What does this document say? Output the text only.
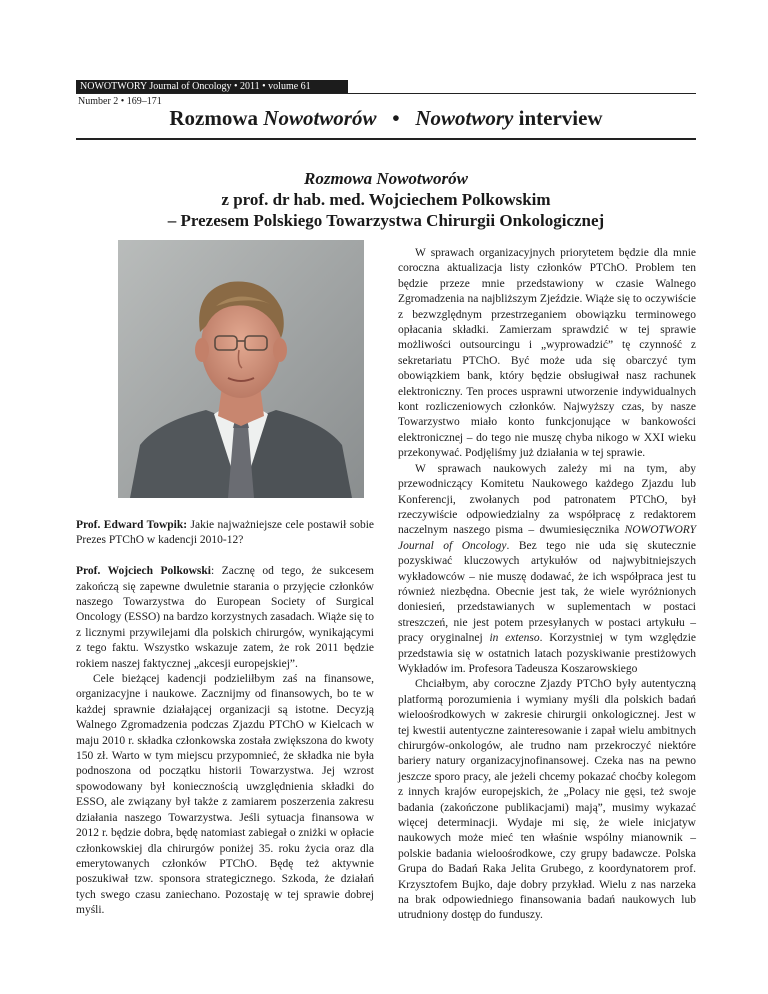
NOWOTWORY Journal of Oncology • 2011 • volume 61
Number 2 • 169–171
Rozmowa Nowotworów • Nowotwory interview
Rozmowa Nowotworów
z prof. dr hab. med. Wojciechem Polkowskim
– Prezesem Polskiego Towarzystwa Chirurgii Onkologicznej

Prof. Edward Towpik: Jakie najważniejsze cele postawił sobie Prezes PTChO w kadencji 2010-12?

Prof. Wojciech Polkowski: Zacznę od tego, że sukcesem zakończą się zapewne dwuletnie starania o przyjęcie członków naszego Towarzystwa do European Society of Surgical Oncology (ESSO) na bardzo korzystnych zasadach. Wiąże się to z licznymi przywilejami dla polskich chirurgów, wynikającymi z tego faktu. Wszystko wskazuje zatem, że rok 2011 będzie rokiem naszej faktycznej „akcesji europejskiej”.

Cele bieżącej kadencji podzieliłbym zaś na finansowe, organizacyjne i naukowe. Zacznijmy od finansowych, bo te w każdej sprawnie działającej organizacji są istotne. Decyzją Walnego Zgromadzenia podczas Zjazdu PTChO w Kielcach w maju 2010 r. składka członkowska została zwiększona do kwoty 150 zł. Warto w tym miejscu przypomnieć, że składka nie była podnoszona od początku historii Towarzystwa. Jej wzrost spowodowany był koniecznością uwzględnienia składki do ESSO, ale związany był także z zamiarem poszerzenia zakresu działania naszego Towarzystwa. Jeśli sytuacja finansowa w 2012 r. będzie dobra, będę natomiast zabiegał o zniżki w opłacie członkowskiej dla chirurgów poniżej 35. roku życia oraz dla emerytowanych członków PTChO. Będę też aktywnie poszukiwał tzw. sponsora strategicznego. Szkoda, że działań tych swego czasu zaniechano. Pozostaję w tej sprawie dobrej myśli.

W sprawach organizacyjnych priorytetem będzie dla mnie coroczna aktualizacja listy członków PTChO. Problem ten będzie przeze mnie przedstawiony w czasie Walnego Zgromadzenia na najbliższym Zjeździe. Wiąże się to oczywiście z bezwzględnym przestrzeganiem obowiązku terminowego opłacania składki. Zamierzam sprawdzić w tej sprawie możliwości outsourcingu i „wyprowadzić” tę czynność z sekretariatu PTChO. Być może uda się obarczyć tym obowiązkiem bank, który będzie obsługiwał nasz rachunek elektroniczny. Ten proces usprawni utworzenie indywidualnych kont rozliczeniowych członków. Najwyższy czas, by nasze Towarzystwo miało konto funkcjonujące w bankowości elektronicznej – do tego nie muszę chyba nikogo w XXI wieku przekonywać. Podjęliśmy już działania w tej sprawie.

W sprawach naukowych zależy mi na tym, aby przewodniczący Komitetu Naukowego każdego Zjazdu lub Konferencji, zwołanych pod patronatem PTChO, był rzeczywiście odpowiedzialny za współpracę z redaktorem naczelnym naszego pisma – dwumiesięcznika NOWOTWORY Journal of Oncology. Bez tego nie uda się skutecznie pozyskiwać kluczowych artykułów od najwybitniejszych wykładowców – nie muszę dodawać, że ich współpraca jest tu również niezbędna. Obecnie jest tak, że wiele wyróżnionych doniesień, przedstawianych w suplementach w postaci streszczeń, nie jest potem przesyłanych w postaci artykułu – pracy oryginalnej in extenso. Korzystniej w tym względzie przedstawia się w ostatnich latach pozyskiwanie prestiżowych Wykładów im. Profesora Tadeusza Koszarowskiego

Chciałbym, aby coroczne Zjazdy PTChO były autentyczną platformą porozumienia i wymiany myśli dla polskich badań wieloośrodkowych w zakresie chirurgii onkologicznej. Jest w tej kwestii autentyczne zainteresowanie i zapał wielu ambitnych chirurgów-onkologów, ale trudno nam przekroczyć niektóre bariery natury organizacyjnofinansowej. Czeka nas na pewno jeszcze sporo pracy, ale jeżeli chcemy pokazać choćby kolegom z innych krajów europejskich, że „Polacy nie gęsi, też swoje badania (zakończone publikacjami) mają”, musimy wykazać więcej determinacji. Wydaje mi się, że wiele inicjatyw naukowych może mieć ten właśnie wspólny mianownik – polskie badania wieloośrodkowe, czy grupy badawcze. Polska Grupa do Badań Raka Jelita Grubego, z koordynatorem prof. Krzysztofem Bujko, daje dobry przykład. Wielu z nas narzeka na brak odpowiedniego finansowania badań naukowych lub utrudniony dostęp do funduszy.
